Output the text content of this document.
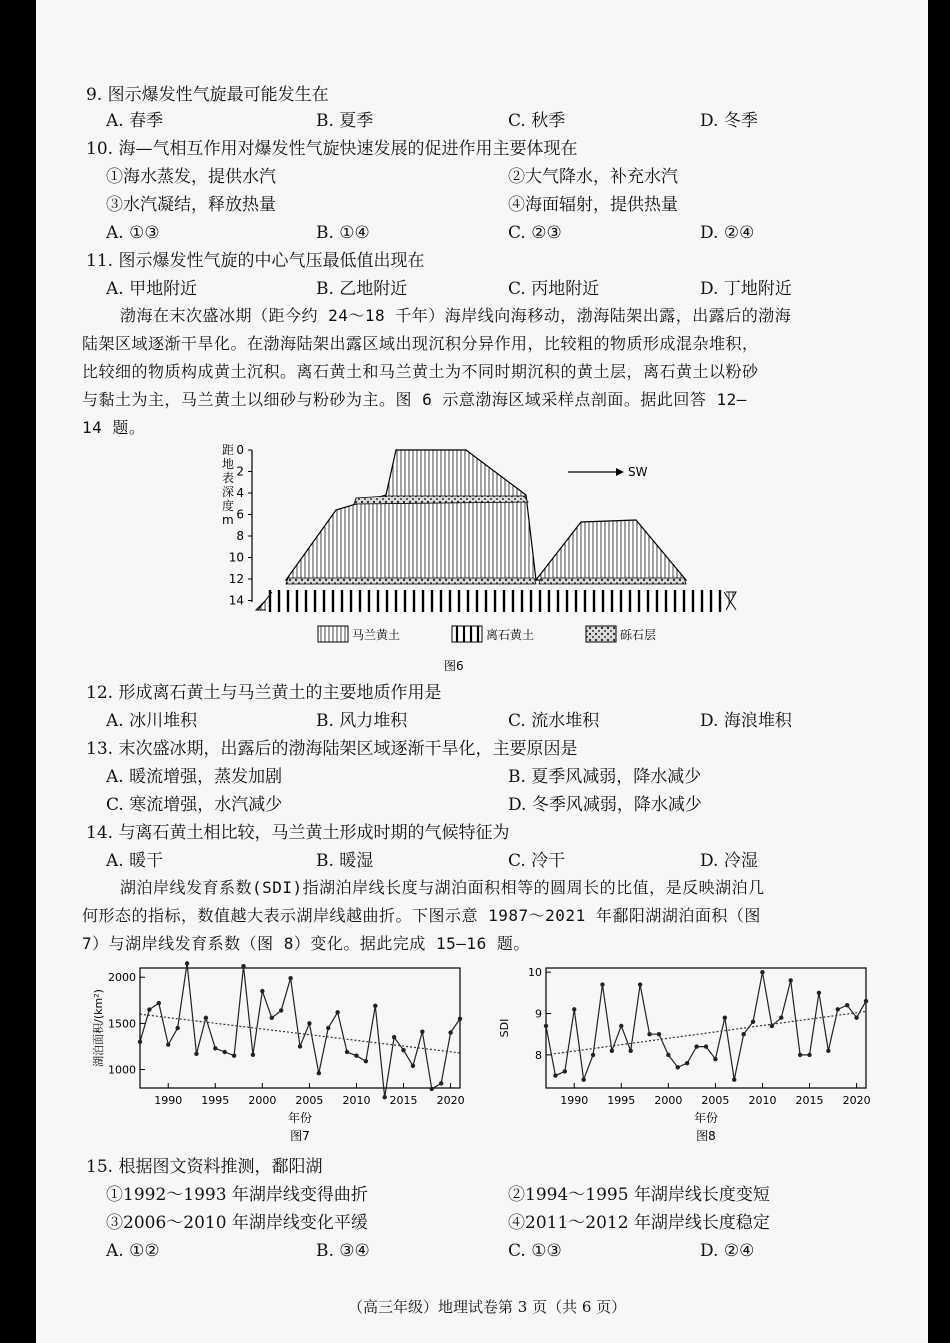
9. 图示爆发性气旋最可能发生在
A. 春季	B. 夏季	C. 秋季	D. 冬季
10. 海—气相互作用对爆发性气旋快速发展的促进作用主要体现在
①海水蒸发，提供水汽	②大气降水，补充水汽
③水汽凝结，释放热量	④海面辐射，提供热量
A. ①③	B. ①④	C. ②③	D. ②④
11. 图示爆发性气旋的中心气压最低值出现在
A. 甲地附近	B. 乙地附近	C. 丙地附近	D. 丁地附近
渤海在末次盛冰期（距今约 24～18 千年）海岸线向海移动，渤海陆架出露，出露后的渤海
陆架区域逐渐干旱化。在渤海陆架出露区域出现沉积分异作用，比较粗的物质形成混杂堆积，
比较细的物质构成黄土沉积。离石黄土和马兰黄土为不同时期沉积的黄土层，离石黄土以粉砂
与黏土为主，马兰黄土以细砂与粉砂为主。图 6 示意渤海区域采样点剖面。据此回答 12—
14 题。
0
2
4
6
8
10
12
14
距地表深度 m
SW
马兰黄土	离石黄土	砾石层
图6
12. 形成离石黄土与马兰黄土的主要地质作用是
A. 冰川堆积	B. 风力堆积	C. 流水堆积	D. 海浪堆积
13. 末次盛冰期，出露后的渤海陆架区域逐渐干旱化，主要原因是
A. 暖流增强，蒸发加剧	B. 夏季风减弱，降水减少
C. 寒流增强，水汽减少	D. 冬季风减弱，降水减少
14. 与离石黄土相比较，马兰黄土形成时期的气候特征为
A. 暖干	B. 暖湿	C. 冷干	D. 冷湿
湖泊岸线发育系数(SDI)指湖泊岸线长度与湖泊面积相等的圆周长的比值，是反映湖泊几
何形态的指标，数值越大表示湖岸线越曲折。下图示意 1987～2021 年鄱阳湖湖泊面积（图
7）与湖岸线发育系数（图 8）变化。据此完成 15—16 题。
1990 1995 2000 2005 2010 2015 2020
1000
1500
2000
湖泊面积/(km²)
年份
图7
1990 1995 2000 2005 2010 2015 2020
8
9
10
SDI
年份
图8
15. 根据图文资料推测，鄱阳湖
①1992～1993 年湖岸线变得曲折	②1994～1995 年湖岸线长度变短
③2006～2010 年湖岸线变化平缓	④2011～2012 年湖岸线长度稳定
A. ①②	B. ③④	C. ①③	D. ②④
（高三年级）地理试卷第 3 页（共 6 页）
